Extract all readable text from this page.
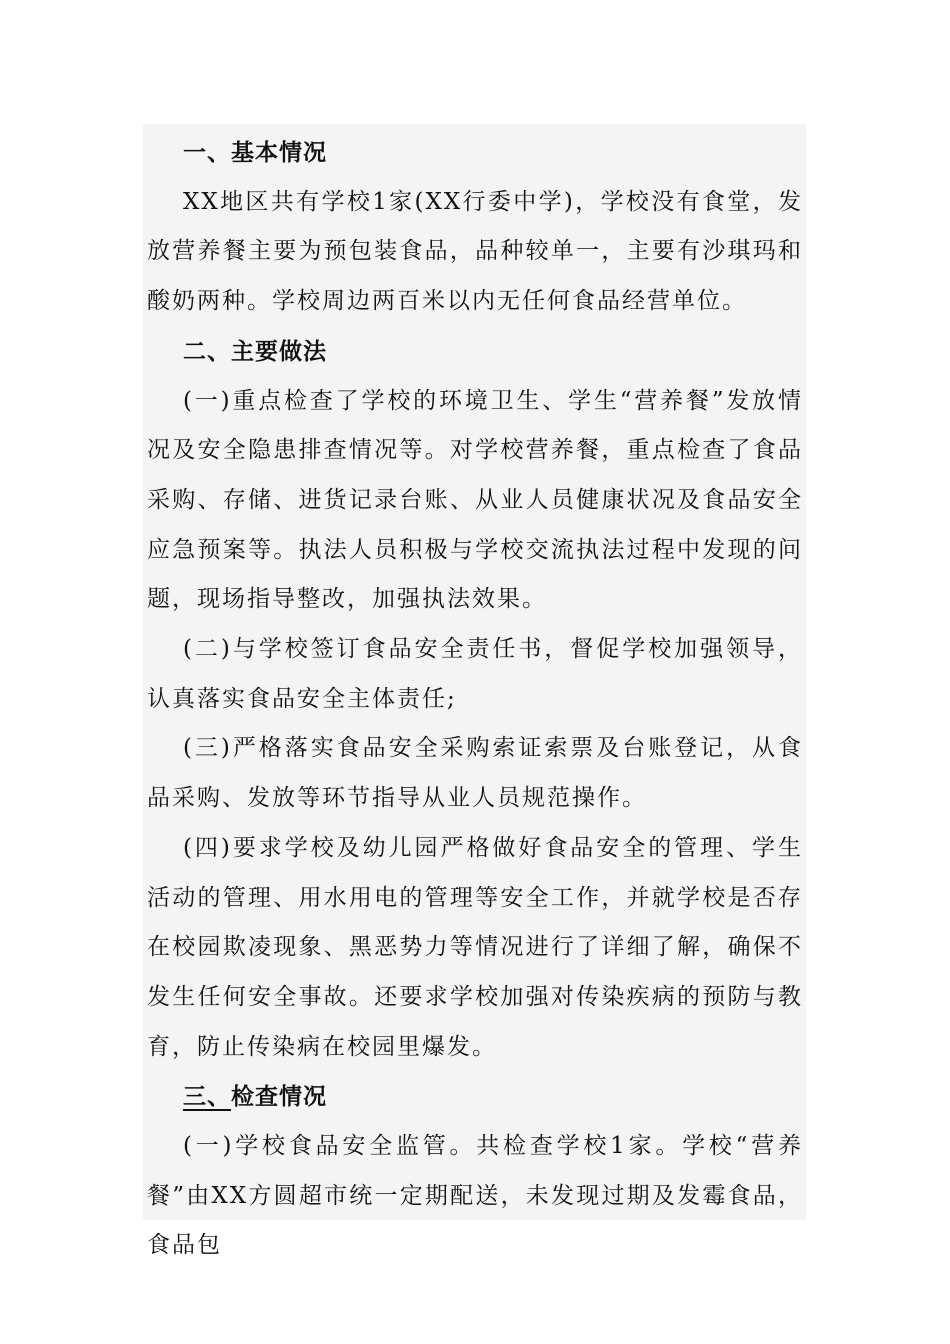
一、基本情况

XX地区共有学校1家(XX行委中学)，学校没有食堂，发放营养餐主要为预包装食品，品种较单一，主要有沙琪玛和酸奶两种。学校周边两百米以内无任何食品经营单位。

二、主要做法

(一)重点检查了学校的环境卫生、学生“营养餐”发放情况及安全隐患排查情况等。对学校营养餐，重点检查了食品采购、存储、进货记录台账、从业人员健康状况及食品安全应急预案等。执法人员积极与学校交流执法过程中发现的问题，现场指导整改，加强执法效果。

(二)与学校签订食品安全责任书，督促学校加强领导，认真落实食品安全主体责任;

(三)严格落实食品安全采购索证索票及台账登记，从食品采购、发放等环节指导从业人员规范操作。

(四)要求学校及幼儿园严格做好食品安全的管理、学生活动的管理、用水用电的管理等安全工作，并就学校是否存在校园欺凌现象、黑恶势力等情况进行了详细了解，确保不发生任何安全事故。还要求学校加强对传染疾病的预防与教育，防止传染病在校园里爆发。

三、检查情况

(一)学校食品安全监管。共检查学校1家。学校“营养餐”由XX方圆超市统一定期配送，未发现过期及发霉食品，食品包
